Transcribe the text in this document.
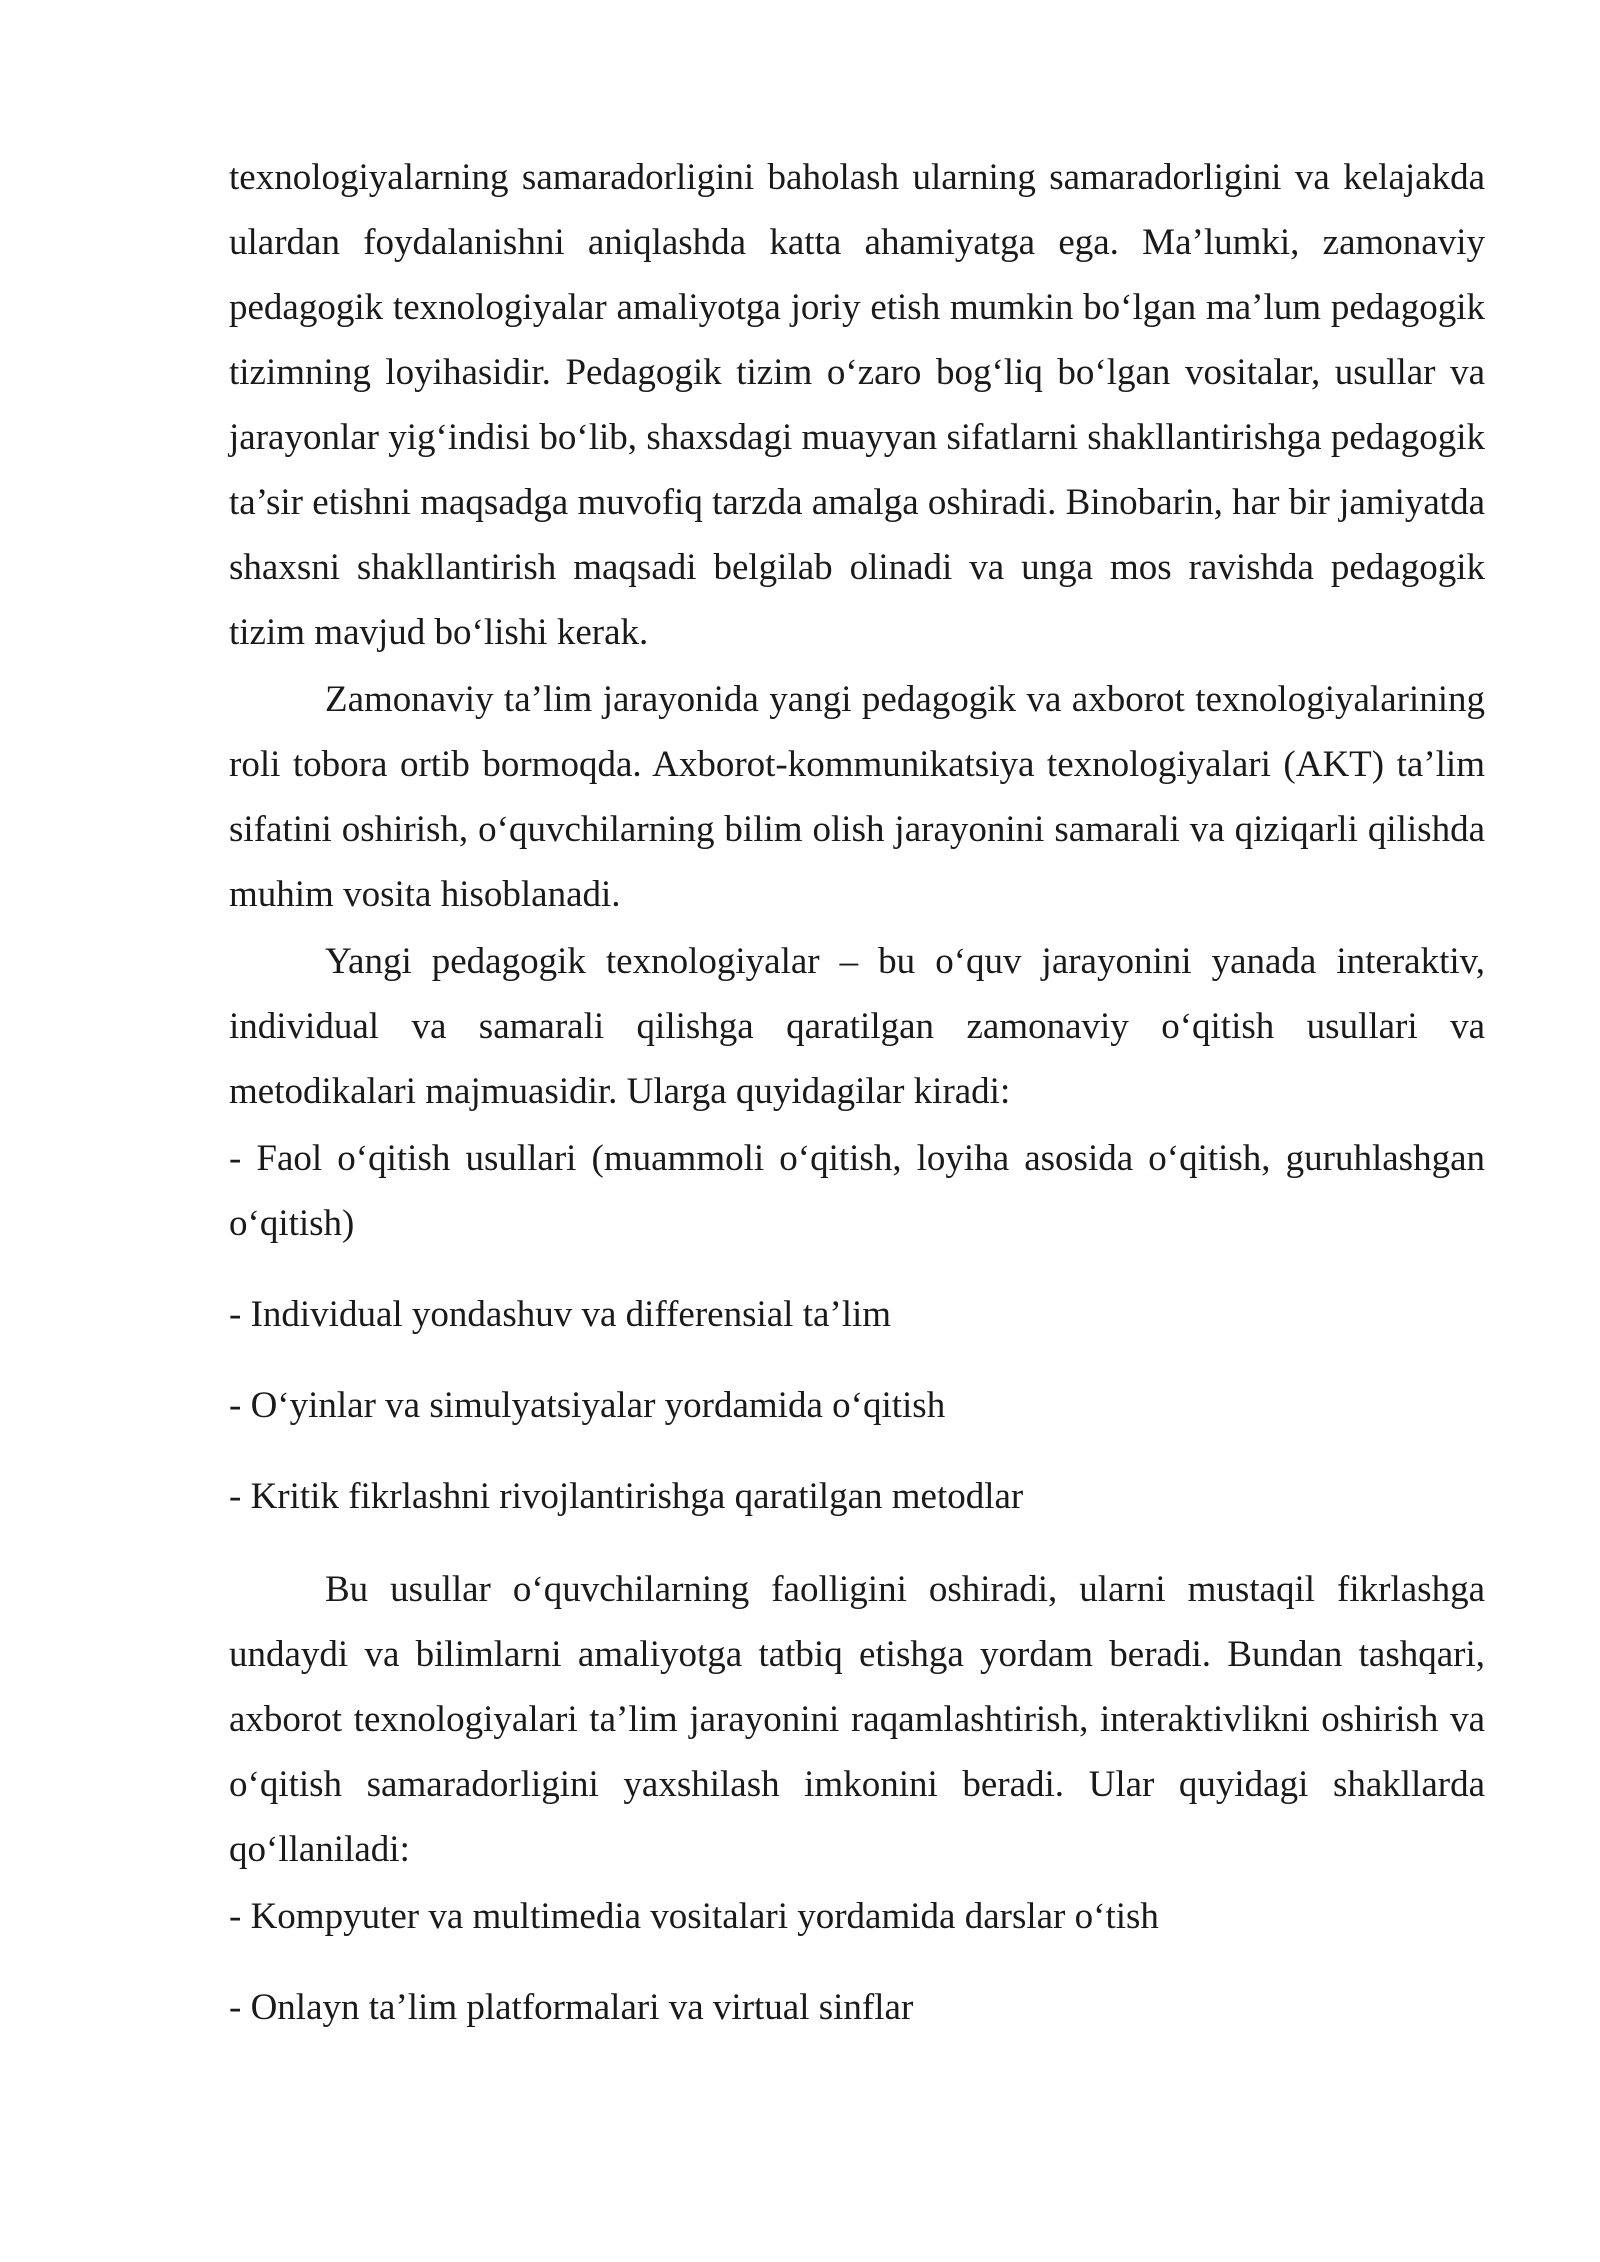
texnologiyalarning samaradorligini baholash ularning samaradorligini va kelajakda ulardan foydalanishni aniqlashda katta ahamiyatga ega. Ma’lumki, zamonaviy pedagogik texnologiyalar amaliyotga joriy etish mumkin bo‘lgan ma’lum pedagogik tizimning loyihasidir. Pedagogik tizim o‘zaro bog‘liq bo‘lgan vositalar, usullar va jarayonlar yig‘indisi bo‘lib, shaxsdagi muayyan sifatlarni shakllantirishga pedagogik ta’sir etishni maqsadga muvofiq tarzda amalga oshiradi. Binobarin, har bir jamiyatda shaxsni shakllantirish maqsadi belgilab olinadi va unga mos ravishda pedagogik tizim mavjud bo‘lishi kerak.

Zamonaviy ta’lim jarayonida yangi pedagogik va axborot texnologiyalarining roli tobora ortib bormoqda. Axborot-kommunikatsiya texnologiyalari (AKT) ta’lim sifatini oshirish, o‘quvchilarning bilim olish jarayonini samarali va qiziqarli qilishda muhim vosita hisoblanadi.

Yangi pedagogik texnologiyalar – bu o‘quv jarayonini yanada interaktiv, individual va samarali qilishga qaratilgan zamonaviy o‘qitish usullari va metodikalari majmuasidir. Ularga quyidagilar kiradi:

- Faol o‘qitish usullari (muammoli o‘qitish, loyiha asosida o‘qitish, guruhlashgan o‘qitish)

- Individual yondashuv va differensial ta’lim

- O‘yinlar va simulyatsiyalar yordamida o‘qitish

- Kritik fikrlashni rivojlantirishga qaratilgan metodlar

Bu usullar o‘quvchilarning faolligini oshiradi, ularni mustaqil fikrlashga undaydi va bilimlarni amaliyotga tatbiq etishga yordam beradi. Bundan tashqari, axborot texnologiyalari ta’lim jarayonini raqamlashtirish, interaktivlikni oshirish va o‘qitish samaradorligini yaxshilash imkonini beradi. Ular quyidagi shakllarda qo‘llaniladi:

- Kompyuter va multimedia vositalari yordamida darslar o‘tish

- Onlayn ta’lim platformalari va virtual sinflar
